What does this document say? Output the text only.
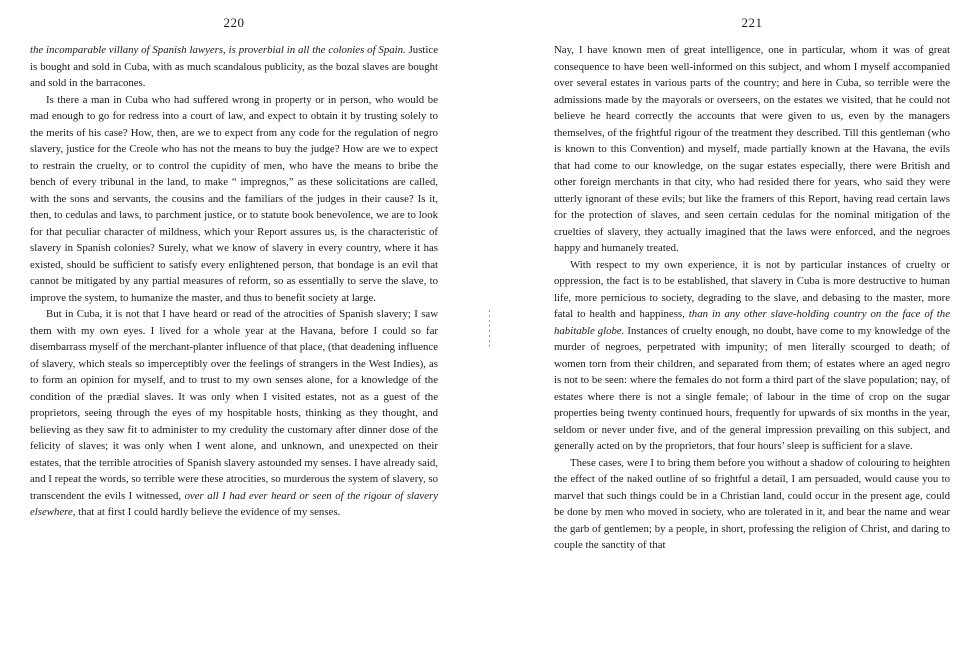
220

the incomparable villany of Spanish lawyers, is proverbial in all the colonies of Spain. Justice is bought and sold in Cuba, with as much scandalous publicity, as the bozal slaves are bought and sold in the barracones.

Is there a man in Cuba who had suffered wrong in property or in person, who would be mad enough to go for redress into a court of law, and expect to obtain it by trusting solely to the merits of his case? How, then, are we to expect from any code for the regulation of negro slavery, justice for the Creole who has not the means to buy the judge? How are we to expect to restrain the cruelty, or to control the cupidity of men, who have the means to bribe the bench of every tribunal in the land, to make “ impregnos,” as these solicitations are called, with the sons and servants, the cousins and the familiars of the judges in their cause? Is it, then, to cedulas and laws, to parchment justice, or to statute book benevolence, we are to look for that peculiar character of mildness, which your Report assures us, is the characteristic of slavery in Spanish colonies? Surely, what we know of slavery in every country, where it has existed, should be sufficient to satisfy every enlightened person, that bondage is an evil that cannot be mitigated by any partial measures of reform, so as essentially to serve the slave, to improve the system, to humanize the master, and thus to benefit society at large.

But in Cuba, it is not that I have heard or read of the atrocities of Spanish slavery; I saw them with my own eyes. I lived for a whole year at the Havana, before I could so far disembarrass myself of the merchant-planter influence of that place, (that deadening influence of slavery, which steals so imperceptibly over the feelings of strangers in the West Indies), as to form an opinion for myself, and to trust to my own senses alone, for a knowledge of the condition of the prædial slaves. It was only when I visited estates, not as a guest of the proprietors, seeing through the eyes of my hospitable hosts, thinking as they thought, and believing as they saw fit to administer to my credulity the customary after dinner dose of the felicity of slaves; it was only when I went alone, and unknown, and unexpected on their estates, that the terrible atrocities of Spanish slavery astounded my senses. I have already said, and I repeat the words, so terrible were these atrocities, so murderous the system of slavery, so transcendent the evils I witnessed, over all I had ever heard or seen of the rigour of slavery elsewhere, that at first I could hardly believe the evidence of my senses.

221

Nay, I have known men of great intelligence, one in particular, whom it was of great consequence to have been well-informed on this subject, and whom I myself accompanied over several estates in various parts of the country; and here in Cuba, so terrible were the admissions made by the mayorals or overseers, on the estates we visited, that he could not believe he heard correctly the accounts that were given to us, even by the managers themselves, of the frightful rigour of the treatment they described. Till this gentleman (who is known to this Convention) and myself, made partially known at the Havana, the evils that had come to our knowledge, on the sugar estates especially, there were British and other foreign merchants in that city, who had resided there for years, who said they were utterly ignorant of these evils; but like the framers of this Report, having read certain laws for the protection of slaves, and seen certain cedulas for the nominal mitigation of the cruelties of slavery, they actually imagined that the laws were enforced, and the negroes happy and humanely treated.

With respect to my own experience, it is not by particular instances of cruelty or oppression, the fact is to be established, that slavery in Cuba is more destructive to human life, more pernicious to society, degrading to the slave, and debasing to the master, more fatal to health and happiness, than in any other slave-holding country on the face of the habitable globe. Instances of cruelty enough, no doubt, have come to my knowledge of the murder of negroes, perpetrated with impunity; of men literally scourged to death; of women torn from their children, and separated from them; of estates where an aged negro is not to be seen: where the females do not form a third part of the slave population; nay, of estates where there is not a single female; of labour in the time of crop on the sugar properties being twenty continued hours, frequently for upwards of six months in the year, seldom or never under five, and of the general impression prevailing on this subject, and generally acted on by the proprietors, that four hours’ sleep is sufficient for a slave.

These cases, were I to bring them before you without a shadow of colouring to heighten the effect of the naked outline of so frightful a detail, I am persuaded, would cause you to marvel that such things could be in a Christian land, could occur in the present age, could be done by men who moved in society, who are tolerated in it, and bear the name and wear the garb of gentlemen; by a people, in short, professing the religion of Christ, and daring to couple the sanctity of that
